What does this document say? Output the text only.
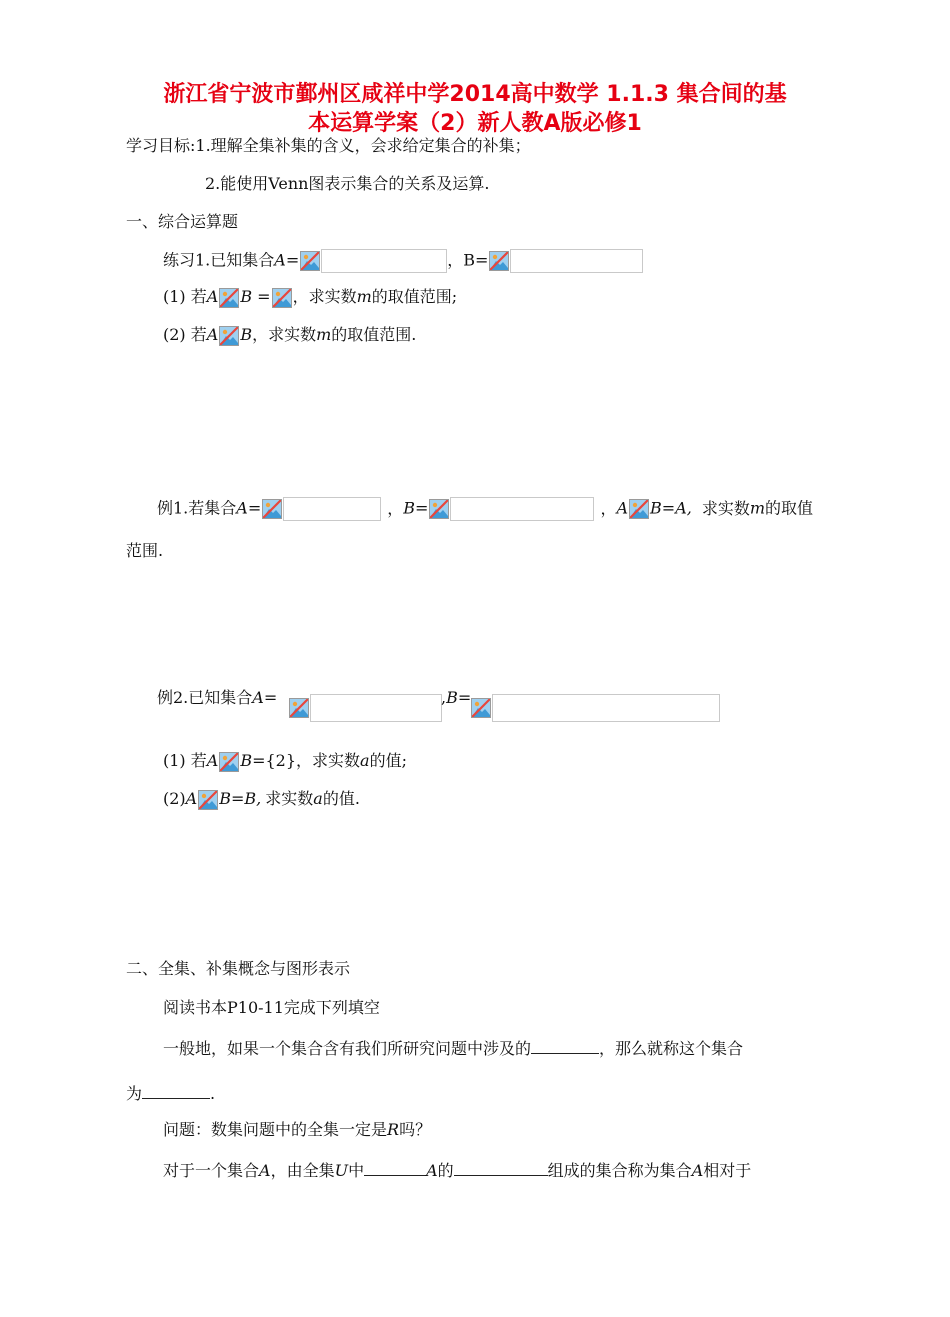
浙江省宁波市鄞州区咸祥中学2014高中数学 1.1.3 集合间的基
本运算学案（2）新人教A版必修1
学习目标:1.理解全集补集的含义，会求给定集合的补集；
2.能使用Venn图表示集合的关系及运算.
一、综合运算题
练习1.已知集合A=	，B=
(1) 若A B = ，求实数m的取值范围;
(2) 若A B，求实数m的取值范围.
例1.若集合A=	，B=	，A B=A, 求实数m的取值
范围.
例2.已知集合A=	,B=
(1) 若A B={2}，求实数a的值;
(2)A B=B, 求实数a的值.
二、全集、补集概念与图形表示
阅读书本P10-11完成下列填空
一般地，如果一个集合含有我们所研究问题中涉及的	，那么就称这个集合
为	.
问题：数集问题中的全集一定是R吗？
对于一个集合A，由全集U中	A的	组成的集合称为集合A相对于
